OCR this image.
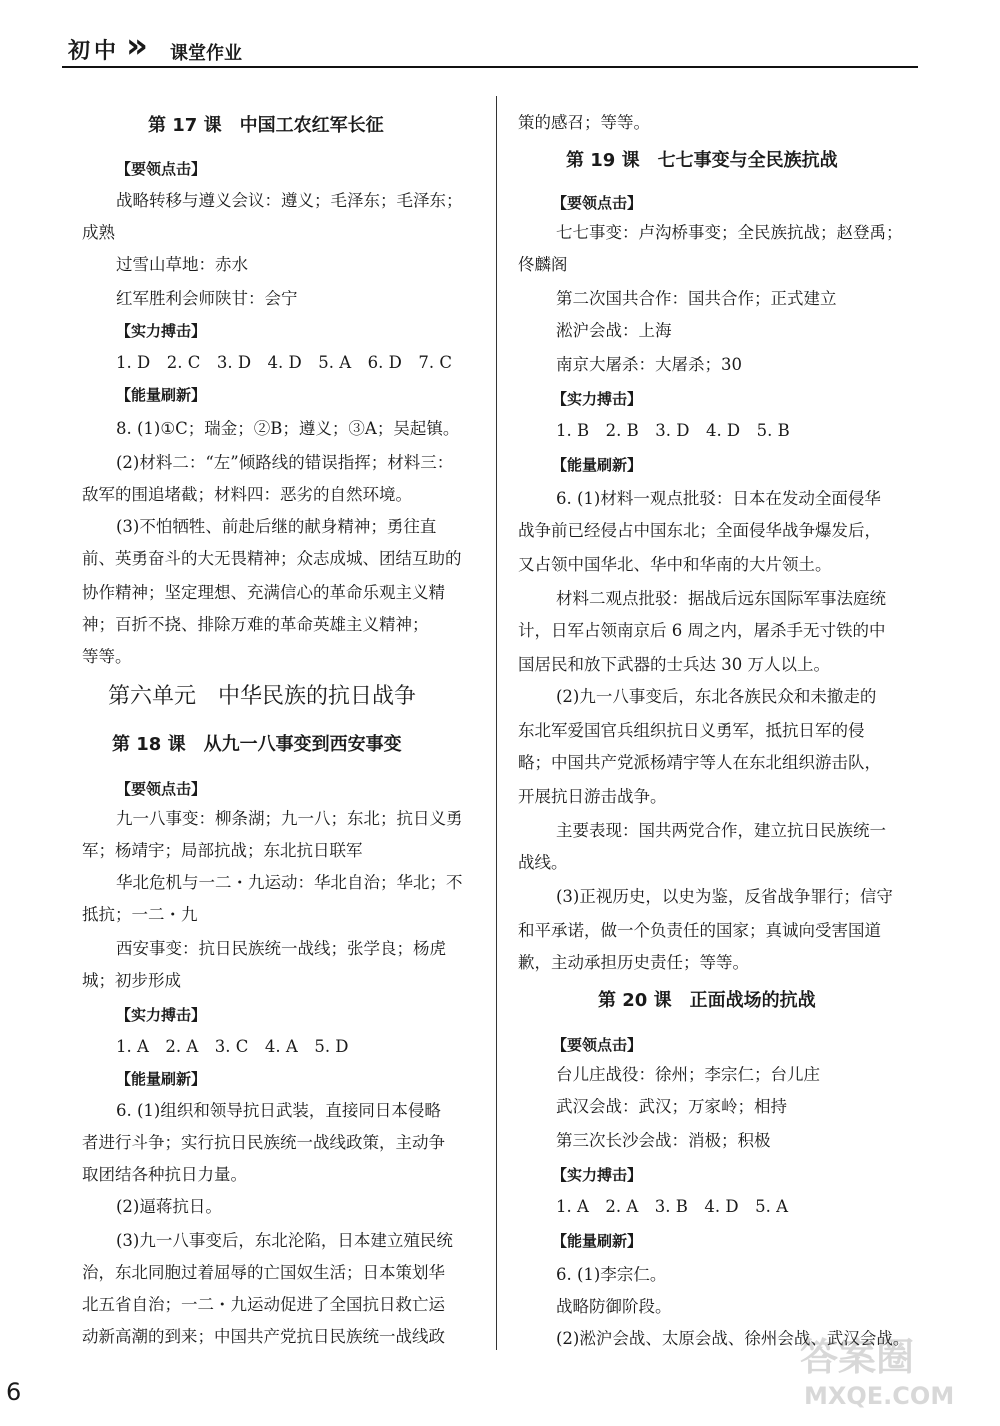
初中 » 课堂作业
第 17 课　中国工农红军长征
【要领点击】
战略转移与遵义会议：遵义；毛泽东；毛泽东；
成熟
过雪山草地：赤水
红军胜利会师陕甘：会宁
【实力搏击】
1. D　2. C　3. D　4. D　5. A　6. D　7. C
【能量刷新】
8. (1)①C；瑞金；②B；遵义；③A；吴起镇。
(2)材料二：“左”倾路线的错误指挥；材料三：
敌军的围追堵截；材料四：恶劣的自然环境。
(3)不怕牺牲、前赴后继的献身精神；勇往直
前、英勇奋斗的大无畏精神；众志成城、团结互助的
协作精神；坚定理想、充满信心的革命乐观主义精
神；百折不挠、排除万难的革命英雄主义精神；
等等。
第六单元　中华民族的抗日战争
第 18 课　从九一八事变到西安事变
【要领点击】
九一八事变：柳条湖；九一八；东北；抗日义勇
军；杨靖宇；局部抗战；东北抗日联军
华北危机与一二・九运动：华北自治；华北；不
抵抗；一二・九
西安事变：抗日民族统一战线；张学良；杨虎
城；初步形成
【实力搏击】
1. A　2. A　3. C　4. A　5. D
【能量刷新】
6. (1)组织和领导抗日武装，直接同日本侵略
者进行斗争；实行抗日民族统一战线政策，主动争
取团结各种抗日力量。
(2)逼蒋抗日。
(3)九一八事变后，东北沦陷，日本建立殖民统
治，东北同胞过着屈辱的亡国奴生活；日本策划华
北五省自治；一二・九运动促进了全国抗日救亡运
动新高潮的到来；中国共产党抗日民族统一战线政
策的感召；等等。
第 19 课　七七事变与全民族抗战
【要领点击】
七七事变：卢沟桥事变；全民族抗战；赵登禹；
佟麟阁
第二次国共合作：国共合作；正式建立
淞沪会战：上海
南京大屠杀：大屠杀；30
【实力搏击】
1. B　2. B　3. D　4. D　5. B
【能量刷新】
6. (1)材料一观点批驳：日本在发动全面侵华
战争前已经侵占中国东北；全面侵华战争爆发后，
又占领中国华北、华中和华南的大片领土。
材料二观点批驳：据战后远东国际军事法庭统
计，日军占领南京后 6 周之内，屠杀手无寸铁的中
国居民和放下武器的士兵达 30 万人以上。
(2)九一八事变后，东北各族民众和未撤走的
东北军爱国官兵组织抗日义勇军，抵抗日军的侵
略；中国共产党派杨靖宇等人在东北组织游击队，
开展抗日游击战争。
主要表现：国共两党合作，建立抗日民族统一
战线。
(3)正视历史，以史为鉴，反省战争罪行；信守
和平承诺，做一个负责任的国家；真诚向受害国道
歉，主动承担历史责任；等等。
第 20 课　正面战场的抗战
【要领点击】
台儿庄战役：徐州；李宗仁；台儿庄
武汉会战：武汉；万家岭；相持
第三次长沙会战：消极；积极
【实力搏击】
1. A　2. A　3. B　4. D　5. A
【能量刷新】
6. (1)李宗仁。
战略防御阶段。
(2)淞沪会战、太原会战、徐州会战、武汉会战。
6
答案圈
MXQE.COM
